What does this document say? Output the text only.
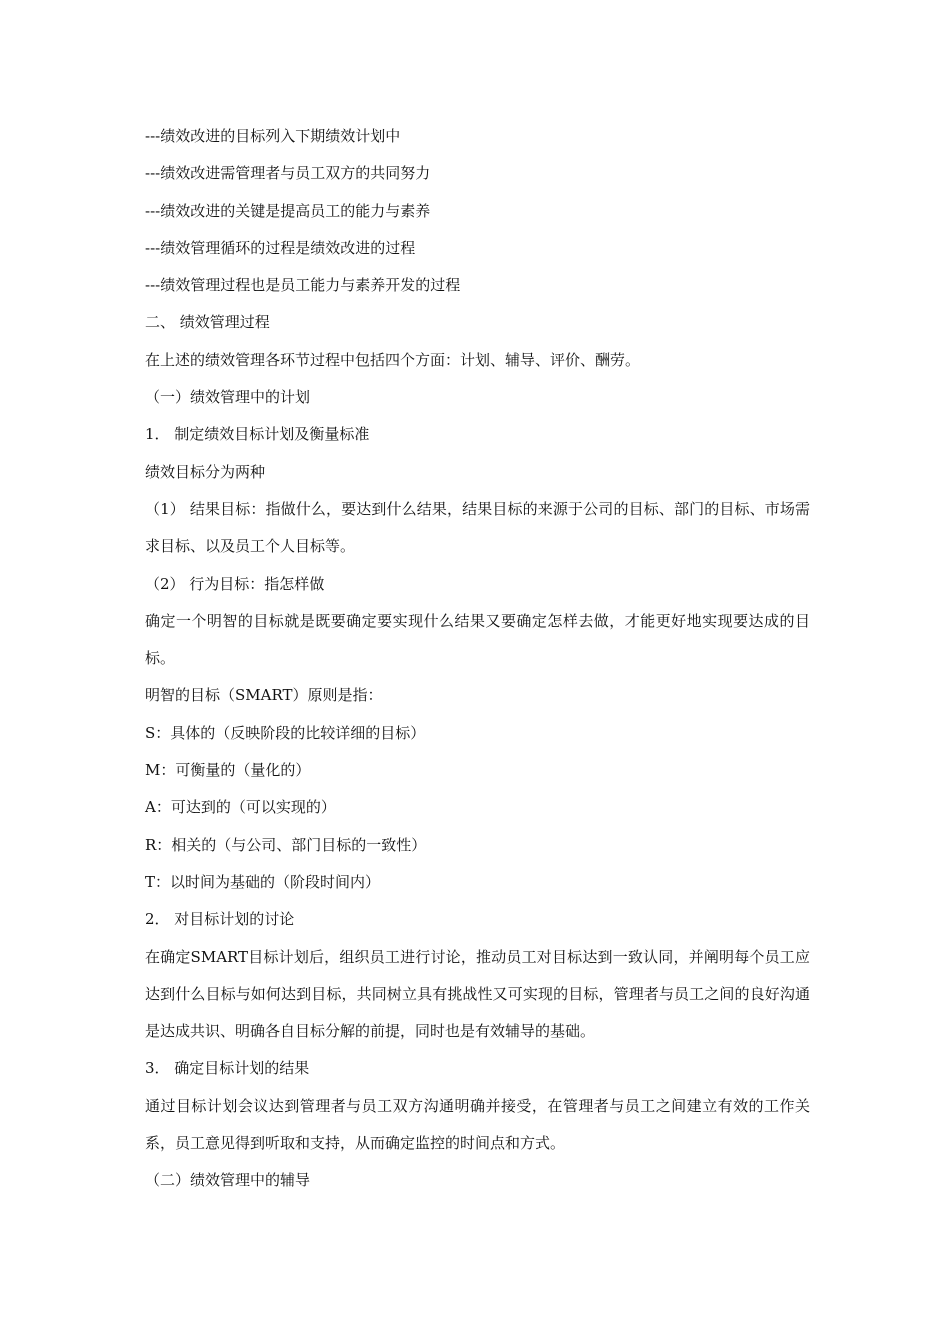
---绩效改进的目标列入下期绩效计划中

---绩效改进需管理者与员工双方的共同努力

---绩效改进的关键是提高员工的能力与素养

---绩效管理循环的过程是绩效改进的过程

---绩效管理过程也是员工能力与素养开发的过程

二、 绩效管理过程

在上述的绩效管理各环节过程中包括四个方面：计划、辅导、评价、酬劳。

（一）绩效管理中的计划

1． 制定绩效目标计划及衡量标准

绩效目标分为两种

（1） 结果目标：指做什么，要达到什么结果，结果目标的来源于公司的目标、部门的目标、市场需求目标、以及员工个人目标等。

（2） 行为目标：指怎样做

确定一个明智的目标就是既要确定要实现什么结果又要确定怎样去做，才能更好地实现要达成的目标。

明智的目标（SMART）原则是指：

S：具体的（反映阶段的比较详细的目标）

M：可衡量的（量化的）

A：可达到的（可以实现的）

R：相关的（与公司、部门目标的一致性）

T：以时间为基础的（阶段时间内）

2． 对目标计划的讨论

在确定SMART目标计划后，组织员工进行讨论，推动员工对目标达到一致认同，并阐明每个员工应达到什么目标与如何达到目标，共同树立具有挑战性又可实现的目标，管理者与员工之间的良好沟通是达成共识、明确各自目标分解的前提，同时也是有效辅导的基础。

3． 确定目标计划的结果

通过目标计划会议达到管理者与员工双方沟通明确并接受，在管理者与员工之间建立有效的工作关系，员工意见得到听取和支持，从而确定监控的时间点和方式。

（二）绩效管理中的辅导
